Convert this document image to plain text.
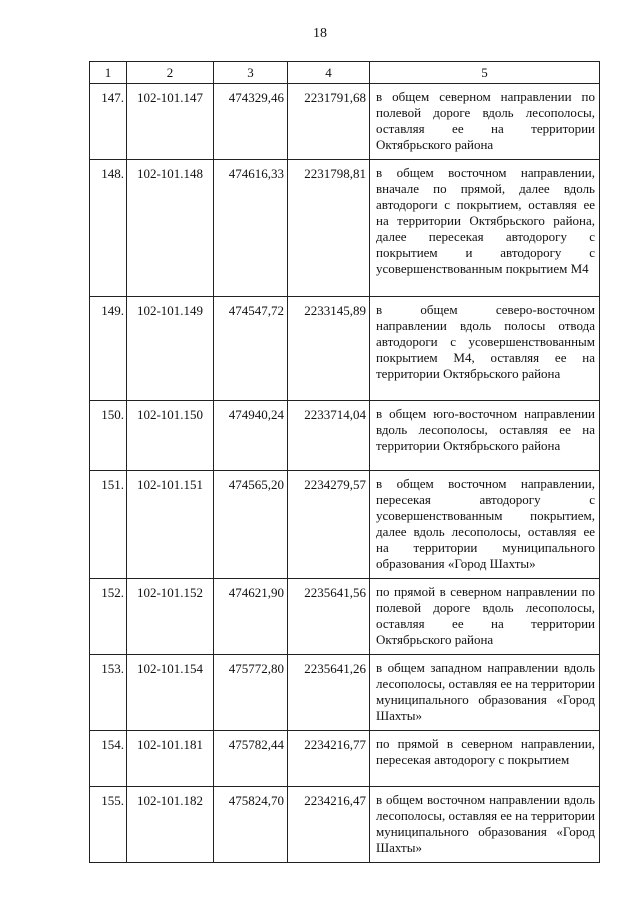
18
1	2	3	4	5
147.	102-101.147	474329,46	2231791,68	в общем северном направлении по полевой дороге вдоль лесополосы, оставляя ее на территории Октябрьского района
148.	102-101.148	474616,33	2231798,81	в общем восточном направлении, вначале по прямой, далее вдоль автодороги с покрытием, оставляя ее на территории Октябрьского района, далее пересекая автодорогу с покрытием и автодорогу с усовершенствованным покрытием М4
149.	102-101.149	474547,72	2233145,89	в общем северо-восточном направлении вдоль полосы отвода автодороги с усовершенствованным покрытием М4, оставляя ее на территории Октябрьского района
150.	102-101.150	474940,24	2233714,04	в общем юго-восточном направлении вдоль лесополосы, оставляя ее на территории Октябрьского района
151.	102-101.151	474565,20	2234279,57	в общем восточном направлении, пересекая автодорогу с усовершенствованным покрытием, далее вдоль лесополосы, оставляя ее на территории муниципального образования «Город Шахты»
152.	102-101.152	474621,90	2235641,56	по прямой в северном направлении по полевой дороге вдоль лесополосы, оставляя ее на территории Октябрьского района
153.	102-101.154	475772,80	2235641,26	в общем западном направлении вдоль лесополосы, оставляя ее на территории муниципального образования «Город Шахты»
154.	102-101.181	475782,44	2234216,77	по прямой в северном направлении, пересекая автодорогу с покрытием
155.	102-101.182	475824,70	2234216,47	в общем восточном направлении вдоль лесополосы, оставляя ее на территории муниципального образования «Город Шахты»
